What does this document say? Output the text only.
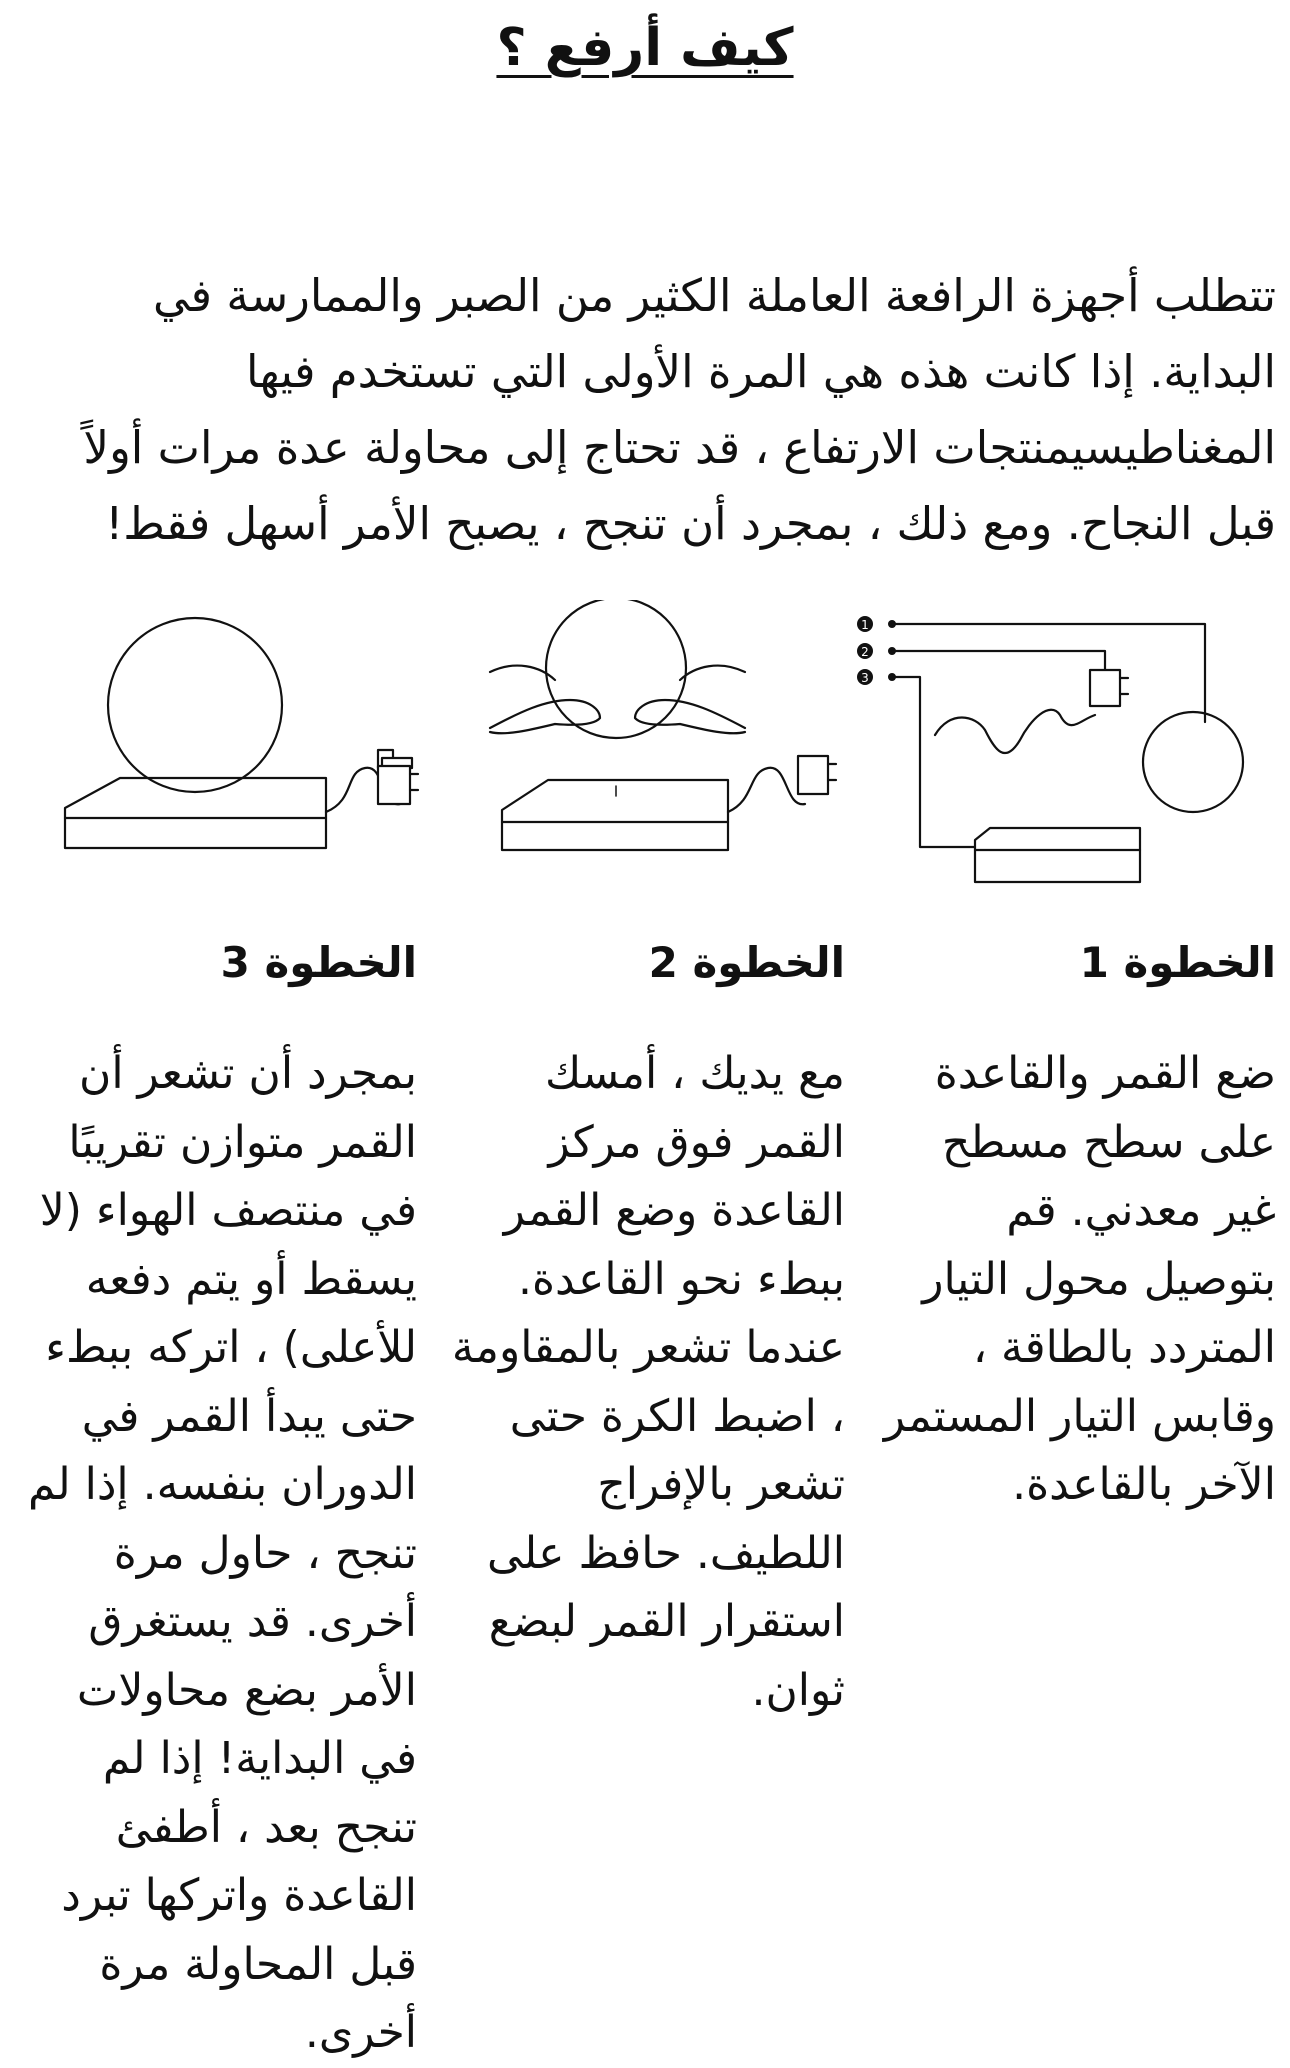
كيف أرفع ؟
تتطلب أجهزة الرافعة العاملة الكثير من الصبر والممارسة في البداية. إذا كانت هذه هي المرة الأولى التي تستخدم فيها المغناطيسيمنتجات الارتفاع ، قد تحتاج إلى محاولة عدة مرات أولاً قبل النجاح. ومع ذلك ، بمجرد أن تنجح ، يصبح الأمر أسهل فقط!
1
2
3
الخطوة 1
الخطوة 2
الخطوة 3
ضع القمر والقاعدة على سطح مسطح غير معدني. قم بتوصيل محول التيار المتردد بالطاقة ، وقابس التيار المستمر الآخر بالقاعدة.
مع يديك ، أمسك القمر فوق مركز القاعدة وضع القمر ببطء نحو القاعدة. عندما تشعر بالمقاومة ، اضبط الكرة حتى تشعر بالإفراج اللطيف. حافظ على استقرار القمر لبضع ثوان.
بمجرد أن تشعر أن القمر متوازن تقريبًا في منتصف الهواء (لا يسقط أو يتم دفعه للأعلى) ، اتركه ببطء حتى يبدأ القمر في الدوران بنفسه. إذا لم تنجح ، حاول مرة أخرى. قد يستغرق الأمر بضع محاولات في البداية! إذا لم تنجح بعد ، أطفئ القاعدة واتركها تبرد قبل المحاولة مرة أخرى.
